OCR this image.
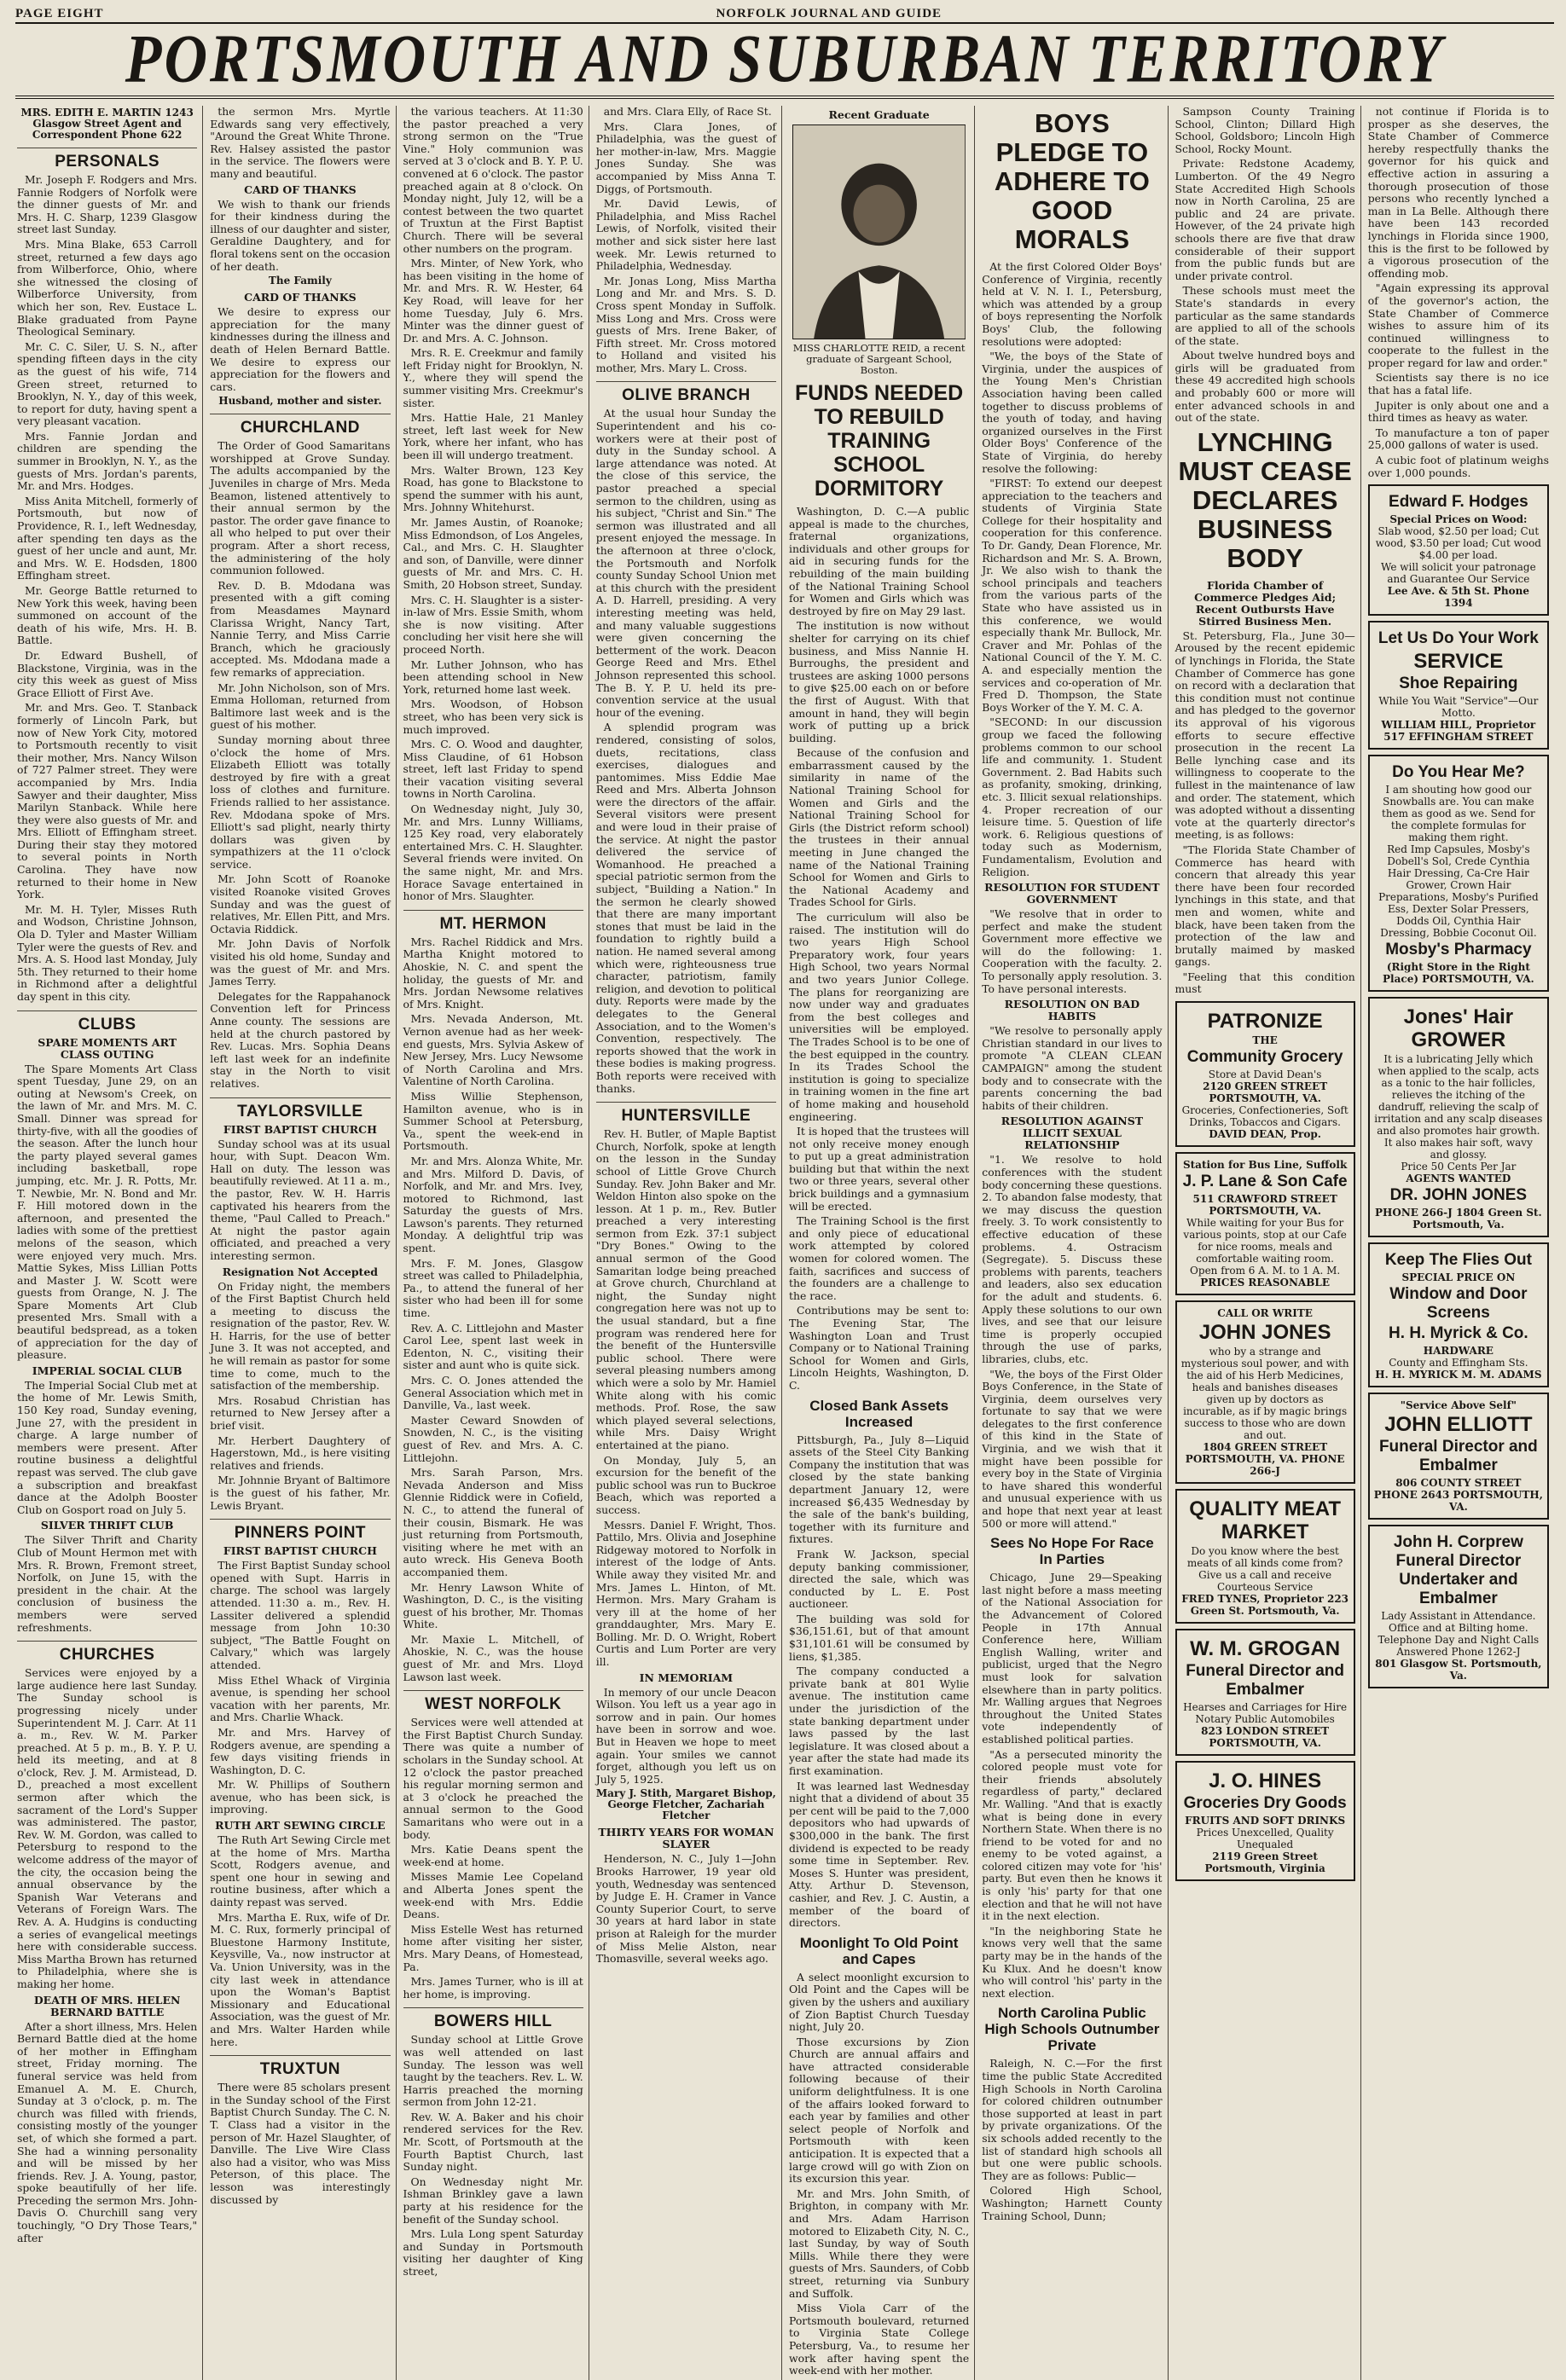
PAGE EIGHT	NORFOLK JOURNAL AND GUIDE
PORTSMOUTH AND SUBURBAN TERRITORY
MRS. EDITH E. MARTIN 1243 Glasgow Street Agent and Correspondent Phone 622
PERSONALS

Mr. Joseph F. Rodgers and Mrs. Fannie Rodgers of Norfolk were the dinner guests of Mr. and Mrs. H. C. Sharp, 1239 Glasgow street last Sunday.

Mrs. Mina Blake, 653 Carroll street, returned a few days ago from Wilberforce, Ohio, where she witnessed the closing of Wilberforce University, from which her son, Rev. Eustace L. Blake graduated from Payne Theological Seminary.

Mr. C. C. Siler, U. S. N., after spending fifteen days in the city as the guest of his wife, 714 Green street, returned to Brooklyn, N. Y., day of this week, to report for duty, having spent a very pleasant vacation.

Mrs. Fannie Jordan and children are spending the summer in Brooklyn, N. Y., as the guests of Mrs. Jordan's parents, Mr. and Mrs. Hodges.

Miss Anita Mitchell, formerly of Portsmouth, but now of Providence, R. I., left Wednesday, after spending ten days as the guest of her uncle and aunt, Mr. and Mrs. W. E. Hodsden, 1800 Effingham street.

Mr. George Battle returned to New York this week, having been summoned on account of the death of his wife, Mrs. H. B. Battle.

Dr. Edward Bushell, of Blackstone, Virginia, was in the city this week as guest of Miss Grace Elliott of First Ave.

Mr. and Mrs. Geo. T. Stanback formerly of Lincoln Park, but now of New York City, motored to Portsmouth recently to visit their mother, Mrs. Nancy Wilson of 727 Palmer street. They were accompanied by Mrs. India Sawyer and their daughter, Miss Marilyn Stanback. While here they were also guests of Mr. and Mrs. Elliott of Effingham street. During their stay they motored to several points in North Carolina. They have now returned to their home in New York.

Mr. M. H. Tyler, Misses Ruth and Wodson, Christine Johnson, Ola D. Tyler and Master William Tyler were the guests of Rev. and Mrs. A. S. Hood last Monday, July 5th. They returned to their home in Richmond after a delightful day spent in this city.

CLUBS
SPARE MOMENTS ART CLASS OUTING

The Spare Moments Art Class spent Tuesday, June 29, on an outing at Newsom's Creek, on the lawn of Mr. and Mrs. M. C. Small. Dinner was spread for thirty-five, with all the goodies of the season. After the lunch hour the party played several games including basketball, rope jumping, etc. Mr. J. R. Potts, Mr. T. Newbie, Mr. N. Bond and Mr. F. Hill motored down in the afternoon, and presented the ladies with some of the prettiest melons of the season, which were enjoyed very much. Mrs. Mattie Sykes, Miss Lillian Potts and Master J. W. Scott were guests from Orange, N. J. The Spare Moments Art Club presented Mrs. Small with a beautiful bedspread, as a token of appreciation for the day of pleasure.

IMPERIAL SOCIAL CLUB

The Imperial Social Club met at the home of Mr. Lewis Smith, 150 Key road, Sunday evening, June 27, with the president in charge. A large number of members were present. After routine business a delightful repast was served. The club gave a subscription and breakfast dance at the Adolph Booster Club on Gosport road on July 5.

SILVER THRIFT CLUB

The Silver Thrift and Charity Club of Mount Hermon met with Mrs. R. Brown, Fremont street, Norfolk, on June 15, with the president in the chair. At the conclusion of business the members were served refreshments.

CHURCHES

Services were enjoyed by a large audience here last Sunday. The Sunday school is progressing nicely under Superintendent M. J. Carr. At 11 a. m., Rev. W. M. Parker preached. At 5 p. m., B. Y. P. U. held its meeting, and at 8 o'clock, Rev. J. M. Armistead, D. D., preached a most excellent sermon after which the sacrament of the Lord's Supper was administered. The pastor, Rev. W. M. Gordon, was called to Petersburg to respond to the welcome address of the mayor of the city, the occasion being the annual observance by the Spanish War Veterans and Veterans of Foreign Wars. The Rev. A. A. Hudgins is conducting a series of evangelical meetings here with considerable success. Miss Martha Brown has returned to Philadelphia, where she is making her home.

DEATH OF MRS. HELEN BERNARD BATTLE

After a short illness, Mrs. Helen Bernard Battle died at the home of her mother in Effingham street, Friday morning. The funeral service was held from Emanuel A. M. E. Church, Sunday at 3 o'clock, p. m. The church was filled with friends, consisting mostly of the younger set, of which she formed a part. She had a winning personality and will be missed by her friends. Rev. J. A. Young, pastor, spoke beautifully of her life. Preceding the sermon Mrs. John-Davis O. Churchill sang very touchingly, "O Dry Those Tears," after

the sermon Mrs. Myrtle Edwards sang very effectively, "Around the Great White Throne. Rev. Halsey assisted the pastor in the service. The flowers were many and beautiful.

CARD OF THANKS

We wish to thank our friends for their kindness during the illness of our daughter and sister, Geraldine Daughtery, and for floral tokens sent on the occasion of her death.

The Family
CARD OF THANKS

We desire to express our appreciation for the many kindnesses during the illness and death of Helen Bernard Battle. We desire to express our appreciation for the flowers and cars.

Husband, mother and sister.
CHURCHLAND

The Order of Good Samaritans worshipped at Grove Sunday. The adults accompanied by the Juveniles in charge of Mrs. Meda Beamon, listened attentively to their annual sermon by the pastor. The order gave finance to all who helped to put over their program. After a short recess, the administering of the holy communion followed.

Rev. D. B. Mdodana was presented with a gift coming from Measdames Maynard Clarissa Wright, Nancy Tart, Nannie Terry, and Miss Carrie Branch, which he graciously accepted. Ms. Mdodana made a few remarks of appreciation.

Mr. John Nicholson, son of Mrs. Emma Holloman, returned from Baltimore last week and is the guest of his mother.

Sunday morning about three o'clock the home of Mrs. Elizabeth Elliott was totally destroyed by fire with a great loss of clothes and furniture. Friends rallied to her assistance. Rev. Mdodana spoke of Mrs. Elliott's sad plight, nearly thirty dollars was given by sympathizers at the 11 o'clock service.

Mr. John Scott of Roanoke visited Roanoke visited Groves Sunday and was the guest of relatives, Mr. Ellen Pitt, and Mrs. Octavia Riddick.

Mr. John Davis of Norfolk visited his old home, Sunday and was the guest of Mr. and Mrs. James Terry.

Delegates for the Rappahanock Convention left for Princess Anne county. The sessions are held at the church pastored by Rev. Lucas. Mrs. Sophia Deans left last week for an indefinite stay in the North to visit relatives.

TAYLORSVILLE
FIRST BAPTIST CHURCH

Sunday school was at its usual hour, with Supt. Deacon Wm. Hall on duty. The lesson was beautifully reviewed. At 11 a. m., the pastor, Rev. W. H. Harris captivated his hearers from the theme, "Paul Called to Preach." At night the pastor again officiated, and preached a very interesting sermon.

Resignation Not Accepted

On Friday night, the members of the First Baptist Church held a meeting to discuss the resignation of the pastor, Rev. W. H. Harris, for the use of better June 3. It was not accepted, and he will remain as pastor for some time to come, much to the satisfaction of the membership.

Mrs. Rosabud Christian has returned to New Jersey after a brief visit.

Mr. Herbert Daughtery of Hagerstown, Md., is here visiting relatives and friends.

Mr. Johnnie Bryant of Baltimore is the guest of his father, Mr. Lewis Bryant.

PINNERS POINT
FIRST BAPTIST CHURCH

The First Baptist Sunday school opened with Supt. Harris in charge. The school was largely attended. 11:30 a. m., Rev. H. Lassiter delivered a splendid message from John 10:30 subject, "The Battle Fought on Calvary," which was largely attended.

Miss Ethel Whack of Virginia avenue, is spending her school vacation with her parents, Mr. and Mrs. Charlie Whack.

Mr. and Mrs. Harvey of Rodgers avenue, are spending a few days visiting friends in Washington, D. C.

Mr. W. Phillips of Southern avenue, who has been sick, is improving.

RUTH ART SEWING CIRCLE

The Ruth Art Sewing Circle met at the home of Mrs. Martha Scott, Rodgers avenue, and spent one hour in sewing and routine business, after which a dainty repast was served.

Mrs. Martha E. Rux, wife of Dr. M. C. Rux, formerly principal of Bluestone Harmony Institute, Keysville, Va., now instructor at Va. Union University, was in the city last week in attendance upon the Woman's Baptist Missionary and Educational Association, was the guest of Mr. and Mrs. Walter Harden while here.

TRUXTUN

There were 85 scholars present in the Sunday school of the First Baptist Church Sunday. The C. N. T. Class had a visitor in the person of Mr. Hazel Slaughter, of Danville. The Live Wire Class also had a visitor, who was Miss Peterson, of this place. The lesson was interestingly discussed by

the various teachers. At 11:30 the pastor preached a very strong sermon on the "True Vine." Holy communion was served at 3 o'clock and B. Y. P. U. convened at 6 o'clock. The pastor preached again at 8 o'clock. On Monday night, July 12, will be a contest between the two quartet of Truxtun at the First Baptist Church. There will be several other numbers on the program.

Mrs. Minter, of New York, who has been visiting in the home of Mr. and Mrs. R. W. Hester, 64 Key Road, will leave for her home Tuesday, July 6. Mrs. Minter was the dinner guest of Dr. and Mrs. A. C. Johnson.

Mrs. R. E. Creekmur and family left Friday night for Brooklyn, N. Y., where they will spend the summer visiting Mrs. Creekmur's sister.

Mrs. Hattie Hale, 21 Manley street, left last week for New York, where her infant, who has been ill will undergo treatment.

Mrs. Walter Brown, 123 Key Road, has gone to Blackstone to spend the summer with his aunt, Mrs. Johnny Whitehurst.

Mr. James Austin, of Roanoke; Miss Edmondson, of Los Angeles, Cal., and Mrs. C. H. Slaughter and son, of Danville, were dinner guests of Mr. and Mrs. C. H. Smith, 20 Hobson street, Sunday.

Mrs. C. H. Slaughter is a sister-in-law of Mrs. Essie Smith, whom she is now visiting. After concluding her visit here she will proceed North.

Mr. Luther Johnson, who has been attending school in New York, returned home last week.

Mrs. Woodson, of Hobson street, who has been very sick is much improved.

Mrs. C. O. Wood and daughter, Miss Claudine, of 61 Hobson street, left last Friday to spend their vacation visiting several towns in North Carolina.

On Wednesday night, July 30, Mr. and Mrs. Lunny Williams, 125 Key road, very elaborately entertained Mrs. C. H. Slaughter. Several friends were invited. On the same night, Mr. and Mrs. Horace Savage entertained in honor of Mrs. Slaughter.

MT. HERMON

Mrs. Rachel Riddick and Mrs. Martha Knight motored to Ahoskie, N. C. and spent the holiday, the guests of Mr. and Mrs. Jordan Newsome relatives of Mrs. Knight.

Mrs. Nevada Anderson, Mt. Vernon avenue had as her week-end guests, Mrs. Sylvia Askew of New Jersey, Mrs. Lucy Newsome of North Carolina and Mrs. Valentine of North Carolina.

Miss Willie Stephenson, Hamilton avenue, who is in Summer School at Petersburg, Va., spent the week-end in Portsmouth.

Mr. and Mrs. Alonza White, Mr. and Mrs. Milford D. Davis, of Norfolk, and Mr. and Mrs. Ivey, motored to Richmond, last Saturday the guests of Mrs. Lawson's parents. They returned Monday. A delightful trip was spent.

Mrs. F. M. Jones, Glasgow street was called to Philadelphia, Pa., to attend the funeral of her sister who had been ill for some time.

Rev. A. C. Littlejohn and Master Carol Lee, spent last week in Edenton, N. C., visiting their sister and aunt who is quite sick.

Mrs. C. O. Jones attended the General Association which met in Danville, Va., last week.

Master Ceward Snowden of Snowden, N. C., is the visiting guest of Rev. and Mrs. A. C. Littlejohn.

Mrs. Sarah Parson, Mrs. Nevada Anderson and Miss Glennie Riddick were in Cofield, N. C., to attend the funeral of their cousin, Bismark. He was just returning from Portsmouth, visiting where he met with an auto wreck. His Geneva Booth accompanied them.

Mr. Henry Lawson White of Washington, D. C., is the visiting guest of his brother, Mr. Thomas White.

Mr. Maxie L. Mitchell, of Ahoskie, N. C., was the house guest of Mr. and Mrs. Lloyd Lawson last week.

WEST NORFOLK

Services were well attended at the First Baptist Church Sunday. There was quite a number of scholars in the Sunday school. At 12 o'clock the pastor preached his regular morning sermon and at 3 o'clock he preached the annual sermon to the Good Samaritans who were out in a body.

Mrs. Katie Deans spent the week-end at home.

Misses Mamie Lee Copeland and Alberta Jones spent the week-end with Mrs. Eddie Deans.

Miss Estelle West has returned home after visiting her sister, Mrs. Mary Deans, of Homestead, Pa.

Mrs. James Turner, who is ill at her home, is improving.

BOWERS HILL

Sunday school at Little Grove was well attended on last Sunday. The lesson was well taught by the teachers. Rev. L. W. Harris preached the morning sermon from John 12-21.

Rev. W. A. Baker and his choir rendered services for the Rev. Mr. Scott, of Portsmouth at the Fourth Baptist Church, last Sunday night.

On Wednesday night Mr. Ishman Brinkley gave a lawn party at his residence for the benefit of the Sunday school.

Mrs. Lula Long spent Saturday and Sunday in Portsmouth visiting her daughter of King street,

and Mrs. Clara Elly, of Race St.

Mrs. Clara Jones, of Philadelphia, was the guest of her mother-in-law, Mrs. Maggie Jones Sunday. She was accompanied by Miss Anna T. Diggs, of Portsmouth.

Mr. David Lewis, of Philadelphia, and Miss Rachel Lewis, of Norfolk, visited their mother and sick sister here last week. Mr. Lewis returned to Philadelphia, Wednesday.

Mr. Jonas Long, Miss Martha Long and Mr. and Mrs. S. D. Cross spent Monday in Suffolk. Miss Long and Mrs. Cross were guests of Mrs. Irene Baker, of Fifth street. Mr. Cross motored to Holland and visited his mother, Mrs. Mary L. Cross.

OLIVE BRANCH

At the usual hour Sunday the Superintendent and his co-workers were at their post of duty in the Sunday school. A large attendance was noted. At the close of this service, the pastor preached a special sermon to the children, using as his subject, "Christ and Sin." The sermon was illustrated and all present enjoyed the message. In the afternoon at three o'clock, the Portsmouth and Norfolk county Sunday School Union met at this church with the president A. D. Harrell, presiding. A very interesting meeting was held, and many valuable suggestions were given concerning the betterment of the work. Deacon George Reed and Mrs. Ethel Johnson represented this school. The B. Y. P. U. held its pre-convention service at the usual hour of the evening.

A splendid program was rendered, consisting of solos, duets, recitations, class exercises, dialogues and pantomimes. Miss Eddie Mae Reed and Mrs. Alberta Johnson were the directors of the affair. Several visitors were present and were loud in their praise of the service. At night the pastor delivered the service of Womanhood. He preached a special patriotic sermon from the subject, "Building a Nation." In the sermon he clearly showed that there are many important stones that must be laid in the foundation to rightly build a nation. He named several among which were, righteousness true character, patriotism, family religion, and devotion to political duty. Reports were made by the delegates to the General Association, and to the Women's Convention, respectively. The reports showed that the work in these bodies is making progress. Both reports were received with thanks.

HUNTERSVILLE

Rev. H. Butler, of Maple Baptist Church, Norfolk, spoke at length on the lesson in the Sunday school of Little Grove Church Sunday. Rev. John Baker and Mr. Weldon Hinton also spoke on the lesson. At 1 p. m., Rev. Butler preached a very interesting sermon from Ezk. 37:1 subject "Dry Bones." Owing to the annual sermon of the Good Samaritan lodge being preached at Grove church, Churchland at night, the Sunday night congregation here was not up to the usual standard, but a fine program was rendered here for the benefit of the Huntersville public school. There were several pleasing numbers among which were a solo by Mr. Hamiel White along with his comic methods. Prof. Rose, the saw which played several selections, while Mrs. Daisy Wright entertained at the piano.

On Monday, July 5, an excursion for the benefit of the public school was run to Buckroe Beach, which was reported a success.

Messrs. Daniel F. Wright, Thos. Pattilo, Mrs. Olivia and Josephine Ridgeway motored to Norfolk in interest of the lodge of Ants. While away they visited Mr. and Mrs. James L. Hinton, of Mt. Hermon. Mrs. Mary Graham is very ill at the home of her granddaughter, Mrs. Mary E. Bolling. Mr. D. O. Wright, Robert Curtis and Lum Porter are very ill.

IN MEMORIAM

In memory of our uncle Deacon Wilson. You left us a year ago in sorrow and in pain. Our homes have been in sorrow and woe. But in Heaven we hope to meet again. Your smiles we cannot forget, although you left us on July 5, 1925.

Mary J. Stith, Margaret Bishop, George Fletcher, Zachariah Fletcher
THIRTY YEARS FOR WOMAN SLAYER

Henderson, N. C., July 1—John Brooks Harrower, 19 year old youth, Wednesday was sentenced by Judge E. H. Cramer in Vance County Superior Court, to serve 30 years at hard labor in state prison at Raleigh for the murder of Miss Melie Alston, near Thomasville, several weeks ago.

Recent Graduate
MISS CHARLOTTE REID, a recent graduate of Sargeant School, Boston.
FUNDS NEEDED TO REBUILD TRAINING SCHOOL DORMITORY

Washington, D. C.—A public appeal is made to the churches, fraternal organizations, individuals and other groups for aid in securing funds for the rebuilding of the main building of the National Training School for Women and Girls which was destroyed by fire on May 29 last.

The institution is now without shelter for carrying on its chief business, and Miss Nannie H. Burroughs, the president and trustees are asking 1000 persons to give $25.00 each on or before the first of August. With that amount in hand, they will begin work of putting up a brick building.

Because of the confusion and embarrassment caused by the similarity in name of the National Training School for Women and Girls and the National Training School for Girls (the District reform school) the trustees in their annual meeting in June changed the name of the National Training School for Women and Girls to the National Academy and Trades School for Girls.

The curriculum will also be raised. The institution will do two years High School Preparatory work, four years High School, two years Normal and two years Junior College. The plans for reorganizing are now under way and graduates from the best colleges and universities will be employed. The Trades School is to be one of the best equipped in the country. In its Trades School the institution is going to specialize in training women in the fine art of home making and household engineering.

It is hoped that the trustees will not only receive money enough to put up a great administration building but that within the next two or three years, several other brick buildings and a gymnasium will be erected.

The Training School is the first and only piece of educational work attempted by colored women for colored women. The faith, sacrifices and success of the founders are a challenge to the race.

Contributions may be sent to: The Evening Star, The Washington Loan and Trust Company or to National Training School for Women and Girls, Lincoln Heights, Washington, D. C.

Closed Bank Assets Increased

Pittsburgh, Pa., July 8—Liquid assets of the Steel City Banking Company the institution that was closed by the state banking department January 12, were increased $6,435 Wednesday by the sale of the bank's building, together with its furniture and fixtures.

Frank W. Jackson, special deputy banking commissioner, directed the sale, which was conducted by L. E. Post auctioneer.

The building was sold for $36,151.61, but of that amount $31,101.61 will be consumed by liens, $1,385.

The company conducted a private bank at 801 Wylie avenue. The institution came under the jurisdiction of the state banking department under laws passed by the last legislature. It was closed about a year after the state had made its first examination.

It was learned last Wednesday night that a dividend of about 35 per cent will be paid to the 7,000 depositors who had upwards of $300,000 in the bank. The first dividend is expected to be ready some time in September. Rev. Moses S. Hunter was president, Atty. Arthur D. Stevenson, cashier, and Rev. J. C. Austin, a member of the board of directors.

Moonlight To Old Point and Capes

A select moonlight excursion to Old Point and the Capes will be given by the ushers and auxiliary of Zion Baptist Church Tuesday night, July 20.

Those excursions by Zion Church are annual affairs and have attracted considerable following because of their uniform delightfulness. It is one of the affairs looked forward to each year by families and other select people of Norfolk and Portsmouth with keen anticipation. It is expected that a large crowd will go with Zion on its excursion this year.

Mr. and Mrs. John Smith, of Brighton, in company with Mr. and Mrs. Adam Harrison motored to Elizabeth City, N. C., last Sunday, by way of South Mills. While there they were guests of Mrs. Saunders, of Cobb street, returning via Sunbury and Suffolk.

Miss Viola Carr of the Portsmouth boulevard, returned to Virginia State College Petersburg, Va., to resume her work after having spent the week-end with her mother.

BOYS PLEDGE TO ADHERE TO GOOD MORALS

At the first Colored Older Boys' Conference of Virginia, recently held at V. N. I. I., Petersburg, which was attended by a group of boys representing the Norfolk Boys' Club, the following resolutions were adopted:

"We, the boys of the State of Virginia, under the auspices of the Young Men's Christian Association having been called together to discuss problems of the youth of today, and having organized ourselves in the First Older Boys' Conference of the State of Virginia, do hereby resolve the following:

"FIRST: To extend our deepest appreciation to the teachers and students of Virginia State College for their hospitality and cooperation for this conference. To Dr. Gandy, Dean Florence, Mr. Richardson and Mr. S. A. Brown, Jr. We also wish to thank the school principals and teachers from the various parts of the State who have assisted us in this conference, we would especially thank Mr. Bullock, Mr. Craver and Mr. Pohlas of the National Council of the Y. M. C. A. and especially mention the services and co-operation of Mr. Fred D. Thompson, the State Boys Worker of the Y. M. C. A.

"SECOND: In our discussion group we faced the following problems common to our school life and community. 1. Student Government. 2. Bad Habits such as profanity, smoking, drinking, etc. 3. Illicit sexual relationships. 4. Proper recreation of our leisure time. 5. Question of life work. 6. Religious questions of today such as Modernism, Fundamentalism, Evolution and Religion.

RESOLUTION FOR STUDENT GOVERNMENT

"We resolve that in order to perfect and make the student Government more effective we will do the following: 1. Cooperation with the faculty. 2. To personally apply resolution. 3. To have personal interests.

RESOLUTION ON BAD HABITS

"We resolve to personally apply Christian standard in our lives to promote "A CLEAN CLEAN CAMPAIGN" among the student body and to consecrate with the parents concerning the bad habits of their children.

RESOLUTION AGAINST ILLICIT SEXUAL RELATIONSHIP

"1. We resolve to hold conferences with the student body concerning these questions. 2. To abandon false modesty, that we may discuss the question freely. 3. To work consistently to effective education of these problems. 4. Ostracism (Segregate). 5. Discuss these problems with parents, teachers and leaders, also sex education for the adult and students. 6. Apply these solutions to our own lives, and see that our leisure time is properly occupied through the use of parks, libraries, clubs, etc.

"We, the boys of the First Older Boys Conference, in the State of Virginia, deem ourselves very fortunate to say that we were delegates to the first conference of this kind in the State of Virginia, and we wish that it might have been possible for every boy in the State of Virginia to have shared this wonderful and unusual experience with us and hope that next year at least 500 or more will attend."

Sees No Hope For Race In Parties

Chicago, June 29—Speaking last night before a mass meeting of the National Association for the Advancement of Colored People in 17th Annual Conference here, William English Walling, writer and publicist, urged that the Negro must look for salvation elsewhere than in party politics. Mr. Walling argues that Negroes throughout the United States vote independently of established political parties.

"As a persecuted minority the colored people must vote for their friends absolutely regardless of party," declared Mr. Walling. "And that is exactly what is being done in every Northern State. When there is no friend to be voted for and no enemy to be voted against, a colored citizen may vote for 'his' party. But even then he knows it is only 'his' party for that one election and that he will not have it in the next election.

"In the neighboring State he knows very well that the same party may be in the hands of the Ku Klux. And he doesn't know who will control 'his' party in the next election.

North Carolina Public High Schools Outnumber Private

Raleigh, N. C.—For the first time the public State Accredited High Schools in North Carolina for colored children outnumber those supported at least in part by private organizations. Of the six schools added recently to the list of standard high schools all but one were public schools. They are as follows: Public—

Colored High School, Washington; Harnett County Training School, Dunn;

Sampson County Training School, Clinton; Dillard High School, Goldsboro; Lincoln High School, Rocky Mount.

Private: Redstone Academy, Lumberton. Of the 49 Negro State Accredited High Schools now in North Carolina, 25 are public and 24 are private. However, of the 24 private high schools there are five that draw considerable of their support from the public funds but are under private control.

These schools must meet the State's standards in every particular as the same standards are applied to all of the schools of the state.

About twelve hundred boys and girls will be graduated from these 49 accredited high schools and probably 600 or more will enter advanced schools in and out of the state.

LYNCHING MUST CEASE DECLARES BUSINESS BODY
Florida Chamber of Commerce Pledges Aid; Recent Outbursts Have Stirred Business Men.

St. Petersburg, Fla., June 30—Aroused by the recent epidemic of lynchings in Florida, the State Chamber of Commerce has gone on record with a declaration that this condition must not continue and has pledged to the governor its approval of his vigorous efforts to secure effective prosecution in the recent La Belle lynching case and its willingness to cooperate to the fullest in the maintenance of law and order. The statement, which was adopted without a dissenting vote at the quarterly director's meeting, is as follows:

"The Florida State Chamber of Commerce has heard with concern that already this year there have been four recorded lynchings in this state, and that men and women, white and black, have been taken from the protection of the law and brutally maimed by masked gangs.

"Feeling that this condition must

PATRONIZE
THE
Community Grocery
Store at David Dean's
2120 GREEN STREET PORTSMOUTH, VA.
Groceries, Confectioneries, Soft Drinks, Tobaccos and Cigars.
DAVID DEAN, Prop.
Station for Bus Line, Suffolk
J. P. Lane & Son Cafe
511 CRAWFORD STREET PORTSMOUTH, VA.
While waiting for your Bus for various points, stop at our Cafe for nice rooms, meals and comfortable waiting room.
Open from 6 A. M. to 1 A. M.
PRICES REASONABLE
CALL OR WRITE
JOHN JONES
who by a strange and mysterious soul power, and with the aid of his Herb Medicines, heals and banishes diseases given up by doctors as incurable, as if by magic brings success to those who are down and out.
1804 GREEN STREET PORTSMOUTH, VA. PHONE 266-J
QUALITY MEAT MARKET
Do you know where the best meats of all kinds come from? Give us a call and receive Courteous Service
FRED TYNES, Proprietor 223 Green St. Portsmouth, Va.
W. M. GROGAN
Funeral Director and Embalmer
Hearses and Carriages for Hire Notary Public Automobiles
823 LONDON STREET PORTSMOUTH, VA.
J. O. HINES
Groceries Dry Goods
FRUITS AND SOFT DRINKS
Prices Unexcelled, Quality Unequaled
2119 Green Street Portsmouth, Virginia

not continue if Florida is to prosper as she deserves, the State Chamber of Commerce hereby respectfully thanks the governor for his quick and effective action in assuring a thorough prosecution of those persons who recently lynched a man in La Belle. Although there have been 143 recorded lynchings in Florida since 1900, this is the first to be followed by a vigorous prosecution of the offending mob.

"Again expressing its approval of the governor's action, the State Chamber of Commerce wishes to assure him of its continued willingness to cooperate to the fullest in the proper regard for law and order."

Scientists say there is no ice that has a fatal life.

Jupiter is only about one and a third times as heavy as water.

To manufacture a ton of paper 25,000 gallons of water is used.

A cubic foot of platinum weighs over 1,000 pounds.

Edward F. Hodges
Special Prices on Wood:
Slab wood, $2.50 per load; Cut wood, $3.50 per load; Cut wood $4.00 per load.
We will solicit your patronage and Guarantee Our Service
Lee Ave. & 5th St. Phone 1394
Let Us Do Your Work
SERVICE
Shoe Repairing
While You Wait "Service"—Our Motto.
WILLIAM HILL, Proprietor 517 EFFINGHAM STREET
Do You Hear Me?
I am shouting how good our Snowballs are. You can make them as good as we. Send for the complete formulas for making them right.
Red Imp Capsules, Mosby's Dobell's Sol, Crede Cynthia Hair Dressing, Ca-Cre Hair Grower, Crown Hair Preparations, Mosby's Purified Ess, Dexter Solar Pressers, Dodds Oil, Cynthia Hair Dressing, Bobbie Coconut Oil.
Mosby's Pharmacy
(Right Store in the Right Place) PORTSMOUTH, VA.
Jones' Hair GROWER
It is a lubricating Jelly which when applied to the scalp, acts as a tonic to the hair follicles, relieves the itching of the dandruff, relieving the scalp of irritation and any scalp diseases and also promotes hair growth. It also makes hair soft, wavy and glossy.
Price 50 Cents Per Jar
AGENTS WANTED
DR. JOHN JONES
PHONE 266-J 1804 Green St. Portsmouth, Va.
Keep The Flies Out
SPECIAL PRICE ON
Window and Door Screens
H. H. Myrick & Co.
HARDWARE
County and Effingham Sts.
H. H. MYRICK M. M. ADAMS
"Service Above Self"
JOHN ELLIOTT
Funeral Director and Embalmer
806 COUNTY STREET PHONE 2643 PORTSMOUTH, VA.
John H. Corprew Funeral Director Undertaker and Embalmer
Lady Assistant in Attendance. Office and at Bilting home. Telephone Day and Night Calls Answered Phone 1262-J
801 Glasgow St. Portsmouth, Va.
